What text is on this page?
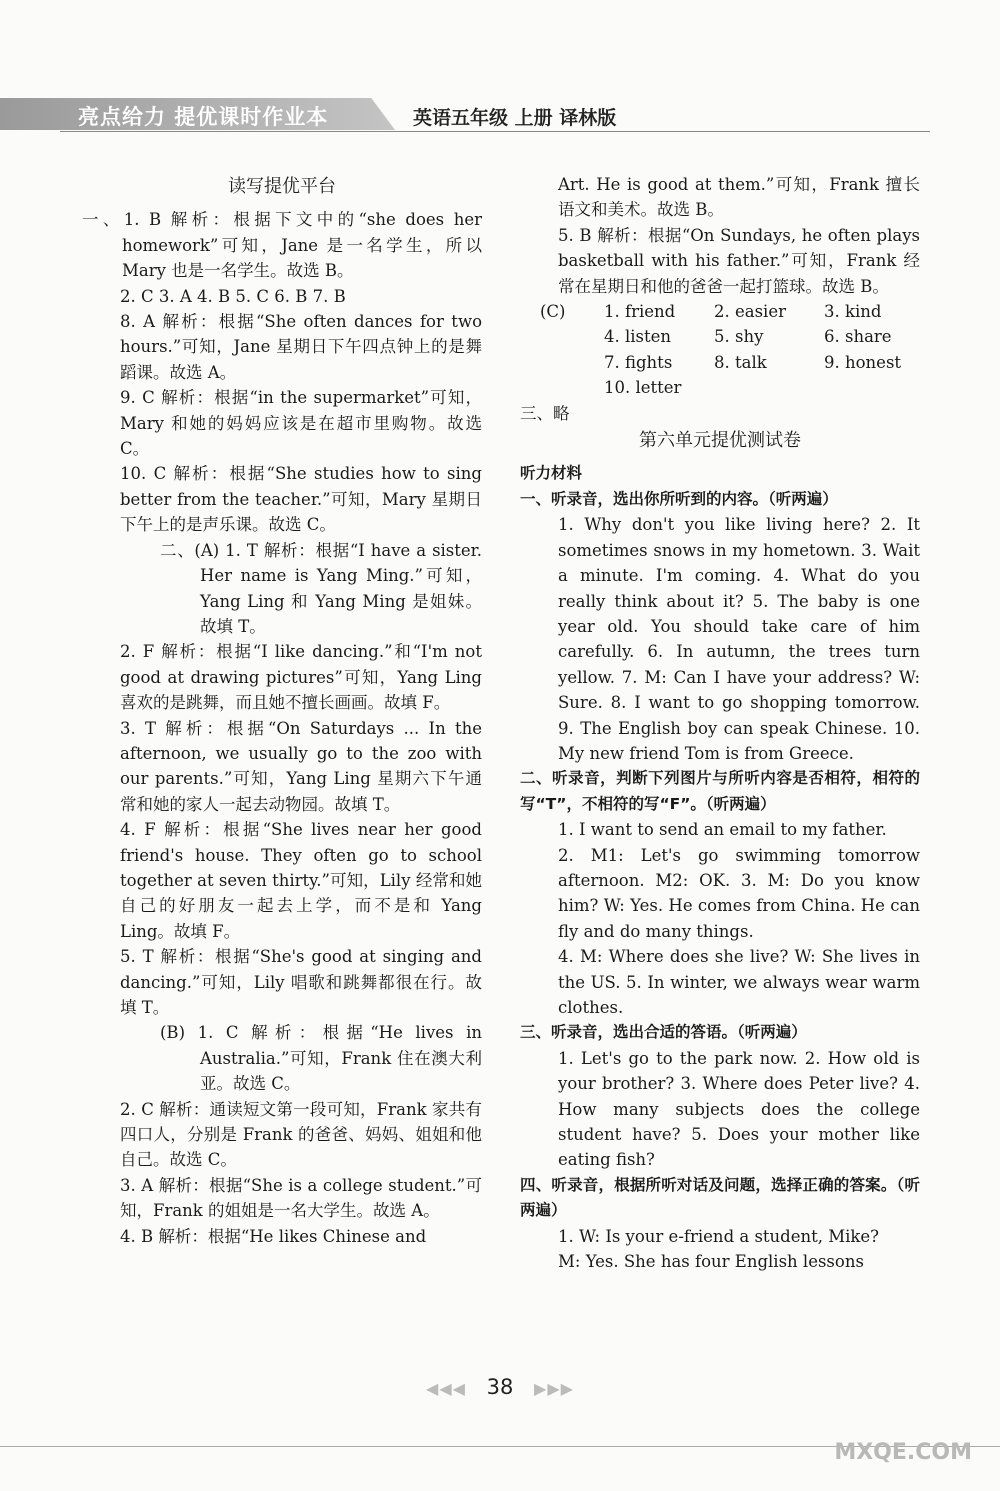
亮点给力 提优课时作业本	英语五年级 上册 译林版

读写提优平台

一、1. B 解析：根据下文中的“she does her homework”可知，Jane 是一名学生，所以 Mary 也是一名学生。故选 B。

2. C 3. A 4. B 5. C 6. B 7. B

8. A 解析：根据“She often dances for two hours.”可知，Jane 星期日下午四点钟上的是舞蹈课。故选 A。

9. C 解析：根据“in the supermarket”可知，Mary 和她的妈妈应该是在超市里购物。故选 C。

10. C 解析：根据“She studies how to sing better from the teacher.”可知，Mary 星期日下午上的是声乐课。故选 C。

二、(A) 1. T 解析：根据“I have a sister. Her name is Yang Ming.”可知，Yang Ling 和 Yang Ming 是姐妹。故填 T。

2. F 解析：根据“I like dancing.”和“I'm not good at drawing pictures”可知，Yang Ling 喜欢的是跳舞，而且她不擅长画画。故填 F。

3. T 解析：根据“On Saturdays ... In the afternoon, we usually go to the zoo with our parents.”可知，Yang Ling 星期六下午通常和她的家人一起去动物园。故填 T。

4. F 解析：根据“She lives near her good friend's house. They often go to school together at seven thirty.”可知，Lily 经常和她自己的好朋友一起去上学，而不是和 Yang Ling。故填 F。

5. T 解析：根据“She's good at singing and dancing.”可知，Lily 唱歌和跳舞都很在行。故填 T。

(B) 1. C 解析：根据“He lives in Australia.”可知，Frank 住在澳大利亚。故选 C。

2. C 解析：通读短文第一段可知，Frank 家共有四口人，分别是 Frank 的爸爸、妈妈、姐姐和他自己。故选 C。

3. A 解析：根据“She is a college student.”可知，Frank 的姐姐是一名大学生。故选 A。

4. B 解析：根据“He likes Chinese and

Art. He is good at them.”可知，Frank 擅长语文和美术。故选 B。

5. B 解析：根据“On Sundays, he often plays basketball with his father.”可知，Frank 经常在星期日和他的爸爸一起打篮球。故选 B。

(C) 1. friend	2. easier	3. kind
4. listen	5. shy	6. share
7. fights	8. talk	9. honest
10. letter

三、略

第六单元提优测试卷

听力材料

一、听录音，选出你所听到的内容。（听两遍）

1. Why don't you like living here? 2. It sometimes snows in my hometown. 3. Wait a minute. I'm coming. 4. What do you really think about it? 5. The baby is one year old. You should take care of him carefully. 6. In autumn, the trees turn yellow. 7. M: Can I have your address? W: Sure. 8. I want to go shopping tomorrow. 9. The English boy can speak Chinese. 10. My new friend Tom is from Greece.

二、听录音，判断下列图片与所听内容是否相符，相符的写“T”，不相符的写“F”。（听两遍）

1. I want to send an email to my father.

2. M1: Let's go swimming tomorrow afternoon. M2: OK. 3. M: Do you know him? W: Yes. He comes from China. He can fly and do many things.

4. M: Where does she live? W: She lives in the US. 5. In winter, we always wear warm clothes.

三、听录音，选出合适的答语。（听两遍）

1. Let's go to the park now. 2. How old is your brother? 3. Where does Peter live? 4. How many subjects does the college student have? 5. Does your mother like eating fish?

四、听录音，根据所听对话及问题，选择正确的答案。（听两遍）

1. W: Is your e-friend a student, Mike?

M: Yes. She has four English lessons

◀◀◀ 38 ▶▶▶
MXQE.COM
